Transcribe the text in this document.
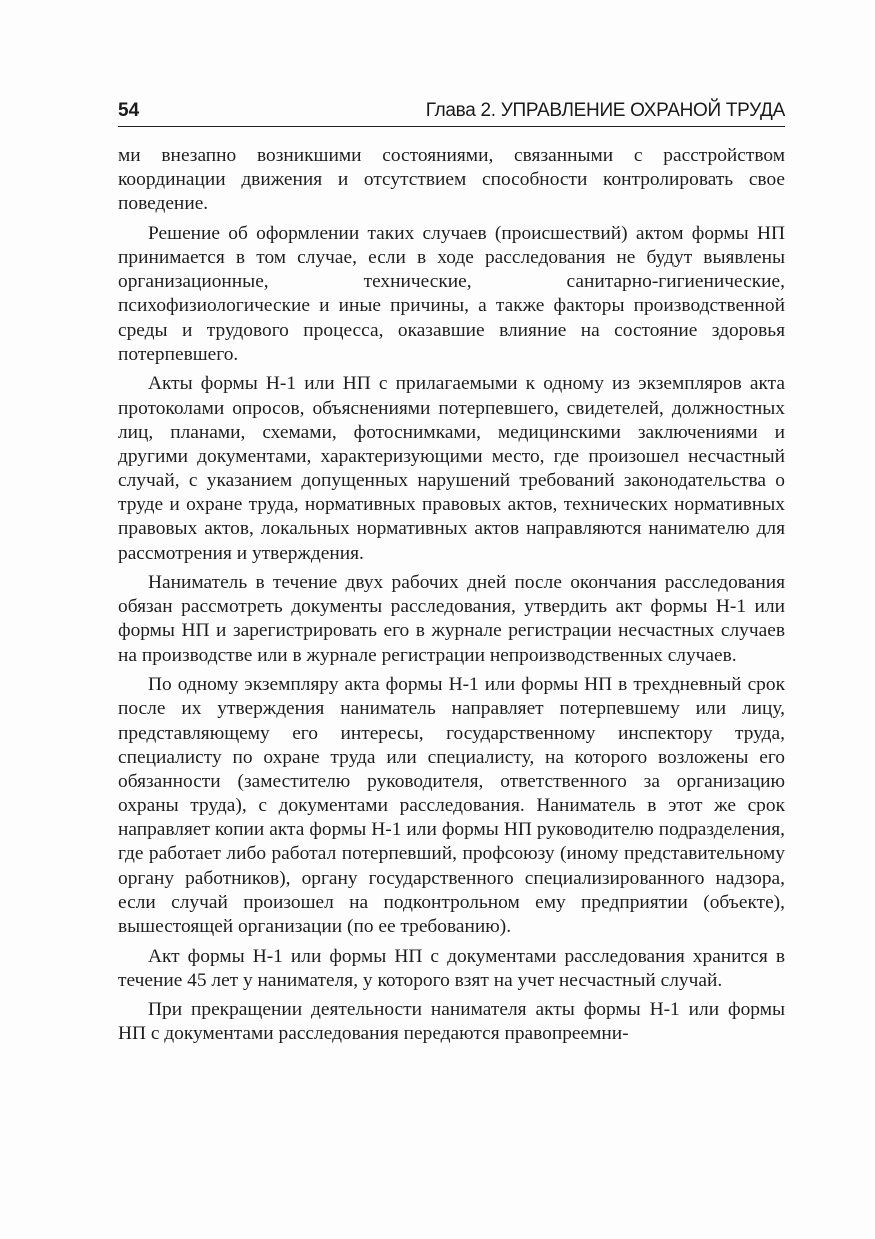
54	Глава 2. УПРАВЛЕНИЕ ОХРАНОЙ ТРУДА

ми внезапно возникшими состояниями, связанными с расстройством координации движения и отсутствием способности контролировать свое поведение.

Решение об оформлении таких случаев (происшествий) актом формы НП принимается в том случае, если в ходе расследования не будут выявлены организационные, технические, санитарно-гигиенические, психофизиологические и иные причины, а также факторы производственной среды и трудового процесса, оказавшие влияние на состояние здоровья потерпевшего.

Акты формы Н-1 или НП с прилагаемыми к одному из экземпляров акта протоколами опросов, объяснениями потерпевшего, свидетелей, должностных лиц, планами, схемами, фотоснимками, медицинскими заключениями и другими документами, характеризующими место, где произошел несчастный случай, с указанием допущенных нарушений требований законодательства о труде и охране труда, нормативных правовых актов, технических нормативных правовых актов, локальных нормативных актов направляются нанимателю для рассмотрения и утверждения.

Наниматель в течение двух рабочих дней после окончания расследования обязан рассмотреть документы расследования, утвердить акт формы Н-1 или формы НП и зарегистрировать его в журнале регистрации несчастных случаев на производстве или в журнале регистрации непроизводственных случаев.

По одному экземпляру акта формы Н-1 или формы НП в трехдневный срок после их утверждения наниматель направляет потерпевшему или лицу, представляющему его интересы, государственному инспектору труда, специалисту по охране труда или специалисту, на которого возложены его обязанности (заместителю руководителя, ответственного за организацию охраны труда), с документами расследования. Наниматель в этот же срок направляет копии акта формы Н-1 или формы НП руководителю подразделения, где работает либо работал потерпевший, профсоюзу (иному представительному органу работников), органу государственного специализированного надзора, если случай произошел на подконтрольном ему предприятии (объекте), вышестоящей организации (по ее требованию).

Акт формы Н-1 или формы НП с документами расследования хранится в течение 45 лет у нанимателя, у которого взят на учет несчастный случай.

При прекращении деятельности нанимателя акты формы Н-1 или формы НП с документами расследования передаются правопреемни-
